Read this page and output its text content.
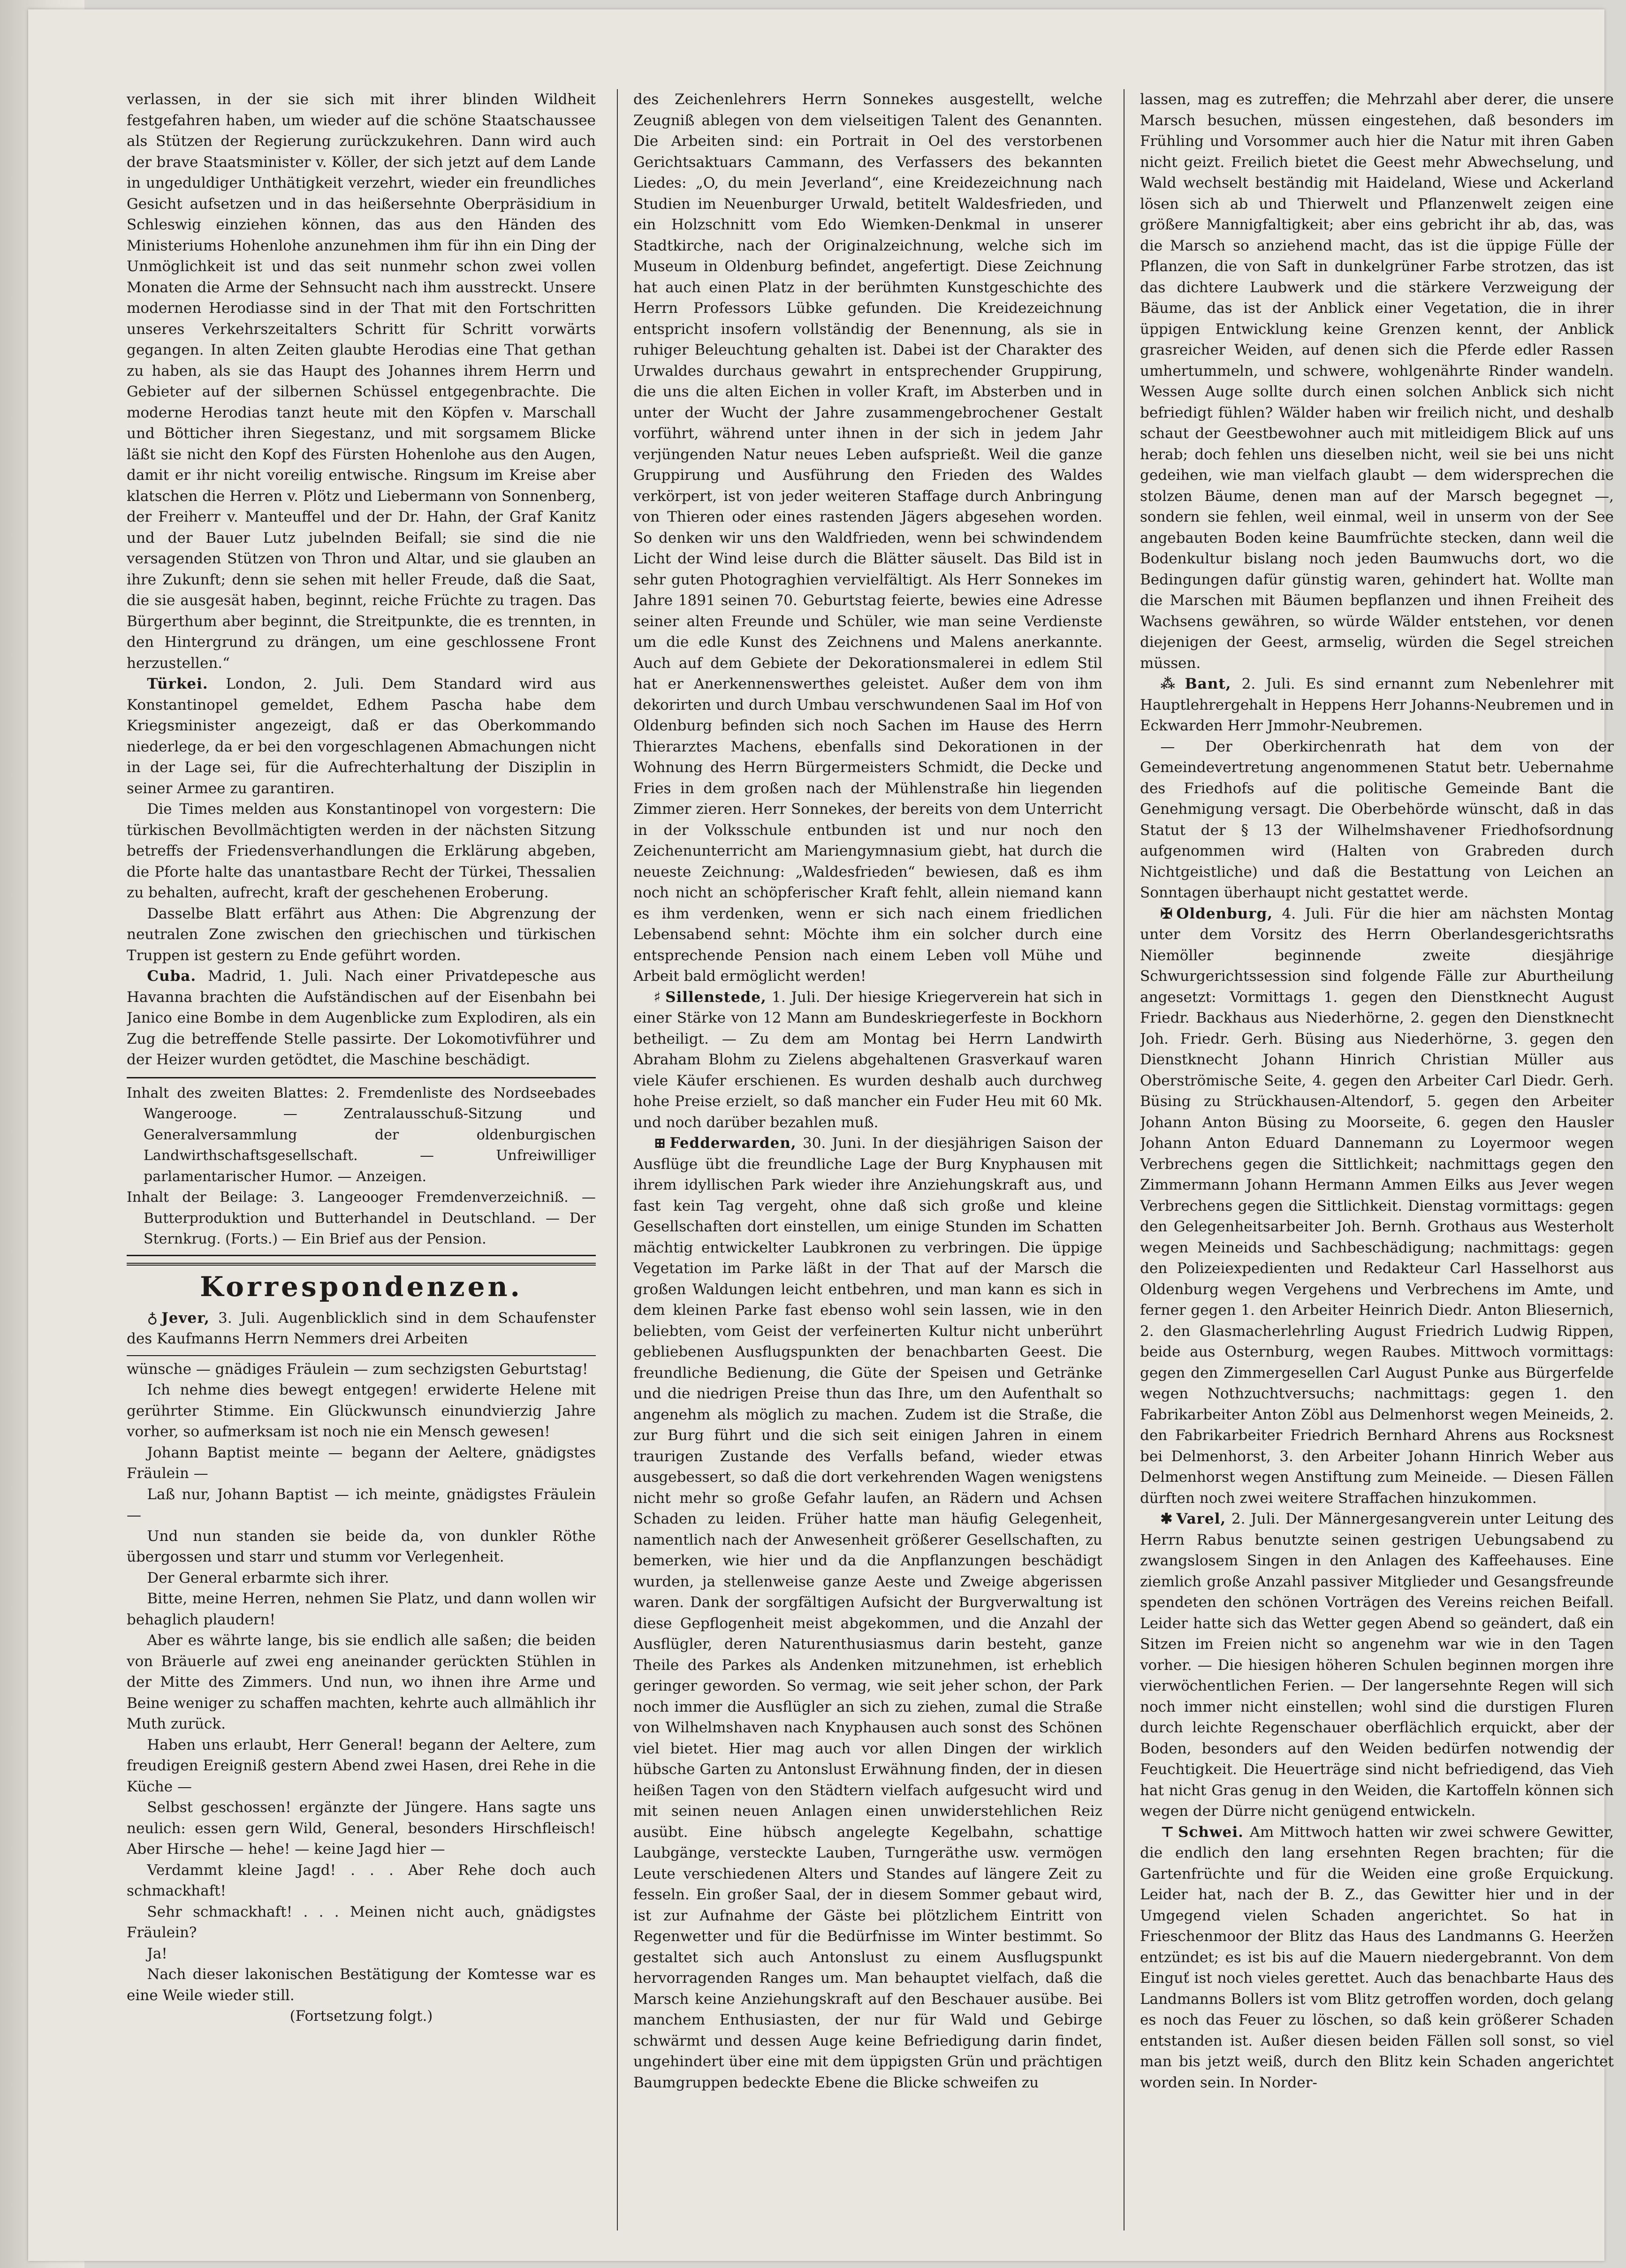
verlassen, in der sie sich mit ihrer blinden Wildheit festgefahren haben, um wieder auf die schöne Staatschaussee als Stützen der Regierung zurückzukehren. Dann wird auch der brave Staatsminister v. Köller, der sich jetzt auf dem Lande in ungeduldiger Unthätigkeit verzehrt, wieder ein freundliches Gesicht aufsetzen und in das heißersehnte Oberpräsidium in Schleswig einziehen können, das aus den Händen des Ministeriums Hohenlohe anzunehmen ihm für ihn ein Ding der Unmöglichkeit ist und das seit nunmehr schon zwei vollen Monaten die Arme der Sehnsucht nach ihm ausstreckt. Unsere modernen Herodiasse sind in der That mit den Fortschritten unseres Verkehrszeitalters Schritt für Schritt vorwärts gegangen. In alten Zeiten glaubte Herodias eine That gethan zu haben, als sie das Haupt des Johannes ihrem Herrn und Gebieter auf der silbernen Schüssel entgegenbrachte. Die moderne Herodias tanzt heute mit den Köpfen v. Marschall und Bötticher ihren Siegestanz, und mit sorgsamem Blicke läßt sie nicht den Kopf des Fürsten Hohenlohe aus den Augen, damit er ihr nicht voreilig entwische. Ringsum im Kreise aber klatschen die Herren v. Plötz und Liebermann von Sonnenberg, der Freiherr v. Manteuffel und der Dr. Hahn, der Graf Kanitz und der Bauer Lutz jubelnden Beifall; sie sind die nie versagenden Stützen von Thron und Altar, und sie glauben an ihre Zukunft; denn sie sehen mit heller Freude, daß die Saat, die sie ausgesät haben, beginnt, reiche Früchte zu tragen. Das Bürgerthum aber beginnt, die Streitpunkte, die es trennten, in den Hintergrund zu drängen, um eine geschlossene Front herzustellen.“

Türkei. London, 2. Juli. Dem Standard wird aus Konstantinopel gemeldet, Edhem Pascha habe dem Kriegsminister angezeigt, daß er das Oberkommando niederlege, da er bei den vorgeschlagenen Abmachungen nicht in der Lage sei, für die Aufrechterhaltung der Disziplin in seiner Armee zu garantiren.

Die Times melden aus Konstantinopel von vorgestern: Die türkischen Bevollmächtigten werden in der nächsten Sitzung betreffs der Friedensverhandlungen die Erklärung abgeben, die Pforte halte das unantastbare Recht der Türkei, Thessalien zu behalten, aufrecht, kraft der geschehenen Eroberung.

Dasselbe Blatt erfährt aus Athen: Die Abgrenzung der neutralen Zone zwischen den griechischen und türkischen Truppen ist gestern zu Ende geführt worden.

Cuba. Madrid, 1. Juli. Nach einer Privatdepesche aus Havanna brachten die Aufständischen auf der Eisenbahn bei Janico eine Bombe in dem Augenblicke zum Explodiren, als ein Zug die betreffende Stelle passirte. Der Lokomotivführer und der Heizer wurden getödtet, die Maschine beschädigt.

Inhalt des zweiten Blattes: 2. Fremdenliste des Nordseebades Wangerooge. — Zentralausschuß-Sitzung und Generalversammlung der oldenburgischen Landwirthschaftsgesellschaft. — Unfreiwilliger parlamentarischer Humor. — Anzeigen.

Inhalt der Beilage: 3. Langeooger Fremdenverzeichniß. — Butterproduktion und Butterhandel in Deutschland. — Der Sternkrug. (Forts.) — Ein Brief aus der Pension.

Korrespondenzen.

♁ Jever, 3. Juli. Augenblicklich sind in dem Schaufenster des Kaufmanns Herrn Nemmers drei Arbeiten

wünsche — gnädiges Fräulein — zum sechzigsten Geburtstag!

Ich nehme dies bewegt entgegen! erwiderte Helene mit gerührter Stimme. Ein Glückwunsch einundvierzig Jahre vorher, so aufmerksam ist noch nie ein Mensch gewesen!

Johann Baptist meinte — begann der Aeltere, gnädigstes Fräulein —

Laß nur, Johann Baptist — ich meinte, gnädigstes Fräulein —

Und nun standen sie beide da, von dunkler Röthe übergossen und starr und stumm vor Verlegenheit.

Der General erbarmte sich ihrer.

Bitte, meine Herren, nehmen Sie Platz, und dann wollen wir behaglich plaudern!

Aber es währte lange, bis sie endlich alle saßen; die beiden von Bräuerle auf zwei eng aneinander gerückten Stühlen in der Mitte des Zimmers. Und nun, wo ihnen ihre Arme und Beine weniger zu schaffen machten, kehrte auch allmählich ihr Muth zurück.

Haben uns erlaubt, Herr General! begann der Aeltere, zum freudigen Ereigniß gestern Abend zwei Hasen, drei Rehe in die Küche —

Selbst geschossen! ergänzte der Jüngere. Hans sagte uns neulich: essen gern Wild, General, besonders Hirschfleisch! Aber Hirsche — hehe! — keine Jagd hier —

Verdammt kleine Jagd! . . . Aber Rehe doch auch schmackhaft!

Sehr schmackhaft! . . . Meinen nicht auch, gnädigstes Fräulein?

Ja!

Nach dieser lakonischen Bestätigung der Komtesse war es eine Weile wieder still.

(Fortsetzung folgt.)

des Zeichenlehrers Herrn Sonnekes ausgestellt, welche Zeugniß ablegen von dem vielseitigen Talent des Genannten. Die Arbeiten sind: ein Portrait in Oel des verstorbenen Gerichtsaktuars Cammann, des Verfassers des bekannten Liedes: „O, du mein Jeverland“, eine Kreidezeichnung nach Studien im Neuenburger Urwald, betitelt Waldesfrieden, und ein Holzschnitt vom Edo Wiemken-Denkmal in unserer Stadtkirche, nach der Originalzeichnung, welche sich im Museum in Oldenburg befindet, angefertigt. Diese Zeichnung hat auch einen Platz in der berühmten Kunstgeschichte des Herrn Professors Lübke gefunden. Die Kreidezeichnung entspricht insofern vollständig der Benennung, als sie in ruhiger Beleuchtung gehalten ist. Dabei ist der Charakter des Urwaldes durchaus gewahrt in entsprechender Gruppirung, die uns die alten Eichen in voller Kraft, im Absterben und in unter der Wucht der Jahre zusammengebrochener Gestalt vorführt, während unter ihnen in der sich in jedem Jahr verjüngenden Natur neues Leben aufsprießt. Weil die ganze Gruppirung und Ausführung den Frieden des Waldes verkörpert, ist von jeder weiteren Staffage durch Anbringung von Thieren oder eines rastenden Jägers abgesehen worden. So denken wir uns den Waldfrieden, wenn bei schwindendem Licht der Wind leise durch die Blätter säuselt. Das Bild ist in sehr guten Photograghien vervielfältigt. Als Herr Sonnekes im Jahre 1891 seinen 70. Geburtstag feierte, bewies eine Adresse seiner alten Freunde und Schüler, wie man seine Verdienste um die edle Kunst des Zeichnens und Malens anerkannte. Auch auf dem Gebiete der Dekorationsmalerei in edlem Stil hat er Anerkennenswerthes geleistet. Außer dem von ihm dekorirten und durch Umbau verschwundenen Saal im Hof von Oldenburg befinden sich noch Sachen im Hause des Herrn Thierarztes Machens, ebenfalls sind Dekorationen in der Wohnung des Herrn Bürgermeisters Schmidt, die Decke und Fries in dem großen nach der Mühlenstraße hin liegenden Zimmer zieren. Herr Sonnekes, der bereits von dem Unterricht in der Volksschule entbunden ist und nur noch den Zeichenunterricht am Mariengymnasium giebt, hat durch die neueste Zeichnung: „Waldesfrieden“ bewiesen, daß es ihm noch nicht an schöpferischer Kraft fehlt, allein niemand kann es ihm verdenken, wenn er sich nach einem friedlichen Lebensabend sehnt: Möchte ihm ein solcher durch eine entsprechende Pension nach einem Leben voll Mühe und Arbeit bald ermöglicht werden!

♯ Sillenstede, 1. Juli. Der hiesige Kriegerverein hat sich in einer Stärke von 12 Mann am Bundeskriegerfeste in Bockhorn betheiligt. — Zu dem am Montag bei Herrn Landwirth Abraham Blohm zu Zielens abgehaltenen Grasverkauf waren viele Käufer erschienen. Es wurden deshalb auch durchweg hohe Preise erzielt, so daß mancher ein Fuder Heu mit 60 Mk. und noch darüber bezahlen muß.

⊞ Fedderwarden, 30. Juni. In der diesjährigen Saison der Ausflüge übt die freundliche Lage der Burg Knyphausen mit ihrem idyllischen Park wieder ihre Anziehungskraft aus, und fast kein Tag vergeht, ohne daß sich große und kleine Gesellschaften dort einstellen, um einige Stunden im Schatten mächtig entwickelter Laubkronen zu verbringen. Die üppige Vegetation im Parke läßt in der That auf der Marsch die großen Waldungen leicht entbehren, und man kann es sich in dem kleinen Parke fast ebenso wohl sein lassen, wie in den beliebten, vom Geist der verfeinerten Kultur nicht unberührt gebliebenen Ausflugspunkten der benachbarten Geest. Die freundliche Bedienung, die Güte der Speisen und Getränke und die niedrigen Preise thun das Ihre, um den Aufenthalt so angenehm als möglich zu machen. Zudem ist die Straße, die zur Burg führt und die sich seit einigen Jahren in einem traurigen Zustande des Verfalls befand, wieder etwas ausgebessert, so daß die dort verkehrenden Wagen wenigstens nicht mehr so große Gefahr laufen, an Rädern und Achsen Schaden zu leiden. Früher hatte man häufig Gelegenheit, namentlich nach der Anwesenheit größerer Gesellschaften, zu bemerken, wie hier und da die Anpflanzungen beschädigt wurden, ja stellenweise ganze Aeste und Zweige abgerissen waren. Dank der sorgfältigen Aufsicht der Burgverwaltung ist diese Gepflogenheit meist abgekommen, und die Anzahl der Ausflügler, deren Naturenthusiasmus darin besteht, ganze Theile des Parkes als Andenken mitzunehmen, ist erheblich geringer geworden. So vermag, wie seit jeher schon, der Park noch immer die Ausflügler an sich zu ziehen, zumal die Straße von Wilhelmshaven nach Knyphausen auch sonst des Schönen viel bietet. Hier mag auch vor allen Dingen der wirklich hübsche Garten zu Antonslust Erwähnung finden, der in diesen heißen Tagen von den Städtern vielfach aufgesucht wird und mit seinen neuen Anlagen einen unwiderstehlichen Reiz ausübt. Eine hübsch angelegte Kegelbahn, schattige Laubgänge, versteckte Lauben, Turngeräthe usw. vermögen Leute verschiedenen Alters und Standes auf längere Zeit zu fesseln. Ein großer Saal, der in diesem Sommer gebaut wird, ist zur Aufnahme der Gäste bei plötzlichem Eintritt von Regenwetter und für die Bedürfnisse im Winter bestimmt. So gestaltet sich auch Antonslust zu einem Ausflugspunkt hervorragenden Ranges um. Man behauptet vielfach, daß die Marsch keine Anziehungskraft auf den Beschauer ausübe. Bei manchem Enthusiasten, der nur für Wald und Gebirge schwärmt und dessen Auge keine Befriedigung darin findet, ungehindert über eine mit dem üppigsten Grün und prächtigen Baumgruppen bedeckte Ebene die Blicke schweifen zu

lassen, mag es zutreffen; die Mehrzahl aber derer, die unsere Marsch besuchen, müssen eingestehen, daß besonders im Frühling und Vorsommer auch hier die Natur mit ihren Gaben nicht geizt. Freilich bietet die Geest mehr Abwechselung, und Wald wechselt beständig mit Haideland, Wiese und Ackerland lösen sich ab und Thierwelt und Pflanzenwelt zeigen eine größere Mannigfaltigkeit; aber eins gebricht ihr ab, das, was die Marsch so anziehend macht, das ist die üppige Fülle der Pflanzen, die von Saft in dunkelgrüner Farbe strotzen, das ist das dichtere Laubwerk und die stärkere Verzweigung der Bäume, das ist der Anblick einer Vegetation, die in ihrer üppigen Entwicklung keine Grenzen kennt, der Anblick grasreicher Weiden, auf denen sich die Pferde edler Rassen umhertummeln, und schwere, wohlgenährte Rinder wandeln. Wessen Auge sollte durch einen solchen Anblick sich nicht befriedigt fühlen? Wälder haben wir freilich nicht, und deshalb schaut der Geestbewohner auch mit mitleidigem Blick auf uns herab; doch fehlen uns dieselben nicht, weil sie bei uns nicht gedeihen, wie man vielfach glaubt — dem widersprechen die stolzen Bäume, denen man auf der Marsch begegnet —, sondern sie fehlen, weil einmal, weil in unserm von der See angebauten Boden keine Baumfrüchte stecken, dann weil die Bodenkultur bislang noch jeden Baumwuchs dort, wo die Bedingungen dafür günstig waren, gehindert hat. Wollte man die Marschen mit Bäumen bepflanzen und ihnen Freiheit des Wachsens gewähren, so würde Wälder entstehen, vor denen diejenigen der Geest, armselig, würden die Segel streichen müssen.

⁂ Bant, 2. Juli. Es sind ernannt zum Nebenlehrer mit Hauptlehrergehalt in Heppens Herr Johanns-Neubremen und in Eckwarden Herr Jmmohr-Neubremen.

— Der Oberkirchenrath hat dem von der Gemeindevertretung angenommenen Statut betr. Uebernahme des Friedhofs auf die politische Gemeinde Bant die Genehmigung versagt. Die Oberbehörde wünscht, daß in das Statut der § 13 der Wilhelmshavener Friedhofsordnung aufgenommen wird (Halten von Grabreden durch Nichtgeistliche) und daß die Bestattung von Leichen an Sonntagen überhaupt nicht gestattet werde.

✠ Oldenburg, 4. Juli. Für die hier am nächsten Montag unter dem Vorsitz des Herrn Oberlandesgerichtsraths Niemöller beginnende zweite diesjährige Schwurgerichtssession sind folgende Fälle zur Aburtheilung angesetzt: Vormittags 1. gegen den Dienstknecht August Friedr. Backhaus aus Niederhörne, 2. gegen den Dienstknecht Joh. Friedr. Gerh. Büsing aus Niederhörne, 3. gegen den Dienstknecht Johann Hinrich Christian Müller aus Oberströmische Seite, 4. gegen den Arbeiter Carl Diedr. Gerh. Büsing zu Strückhausen-Altendorf, 5. gegen den Arbeiter Johann Anton Büsing zu Moorseite, 6. gegen den Hausler Johann Anton Eduard Dannemann zu Loyermoor wegen Verbrechens gegen die Sittlichkeit; nachmittags gegen den Zimmermann Johann Hermann Ammen Eilks aus Jever wegen Verbrechens gegen die Sittlichkeit. Dienstag vormittags: gegen den Gelegenheitsarbeiter Joh. Bernh. Grothaus aus Westerholt wegen Meineids und Sachbeschädigung; nachmittags: gegen den Polizeiexpedienten und Redakteur Carl Hasselhorst aus Oldenburg wegen Vergehens und Verbrechens im Amte, und ferner gegen 1. den Arbeiter Heinrich Diedr. Anton Bliesernich, 2. den Glasmacherlehrling August Friedrich Ludwig Rippen, beide aus Osternburg, wegen Raubes. Mittwoch vormittags: gegen den Zimmergesellen Carl August Punke aus Bürgerfelde wegen Nothzuchtversuchs; nachmittags: gegen 1. den Fabrikarbeiter Anton Zöbl aus Delmenhorst wegen Meineids, 2. den Fabrikarbeiter Friedrich Bernhard Ahrens aus Rocksnest bei Delmenhorst, 3. den Arbeiter Johann Hinrich Weber aus Delmenhorst wegen Anstiftung zum Meineide. — Diesen Fällen dürften noch zwei weitere Straffachen hinzukommen.

✱ Varel, 2. Juli. Der Männergesangverein unter Leitung des Herrn Rabus benutzte seinen gestrigen Uebungsabend zu zwangslosem Singen in den Anlagen des Kaffeehauses. Eine ziemlich große Anzahl passiver Mitglieder und Gesangsfreunde spendeten den schönen Vorträgen des Vereins reichen Beifall. Leider hatte sich das Wetter gegen Abend so geändert, daß ein Sitzen im Freien nicht so angenehm war wie in den Tagen vorher. — Die hiesigen höheren Schulen beginnen morgen ihre vierwöchentlichen Ferien. — Der langersehnte Regen will sich noch immer nicht einstellen; wohl sind die durstigen Fluren durch leichte Regenschauer oberflächlich erquickt, aber der Boden, besonders auf den Weiden bedürfen notwendig der Feuchtigkeit. Die Heuerträge sind nicht befriedigend, das Vieh hat nicht Gras genug in den Weiden, die Kartoffeln können sich wegen der Dürre nicht genügend entwickeln.

⊤ Schwei. Am Mittwoch hatten wir zwei schwere Gewitter, die endlich den lang ersehnten Regen brachten; für die Gartenfrüchte und für die Weiden eine große Erquickung. Leider hat, nach der B. Z., das Gewitter hier und in der Umgegend vielen Schaden angerichtet. So hat in Frieschenmoor der Blitz das Haus des Landmanns G. Heeržen entzündet; es ist bis auf die Mauern niedergebrannt. Von dem Einguť ist noch vieles gerettet. Auch das benachbarte Haus des Landmanns Bollers ist vom Blitz getroffen worden, doch gelang es noch das Feuer zu löschen, so daß kein größerer Schaden entstanden ist. Außer diesen beiden Fällen soll sonst, so viel man bis jetzt weiß, durch den Blitz kein Schaden angerichtet worden sein. In Norder-
